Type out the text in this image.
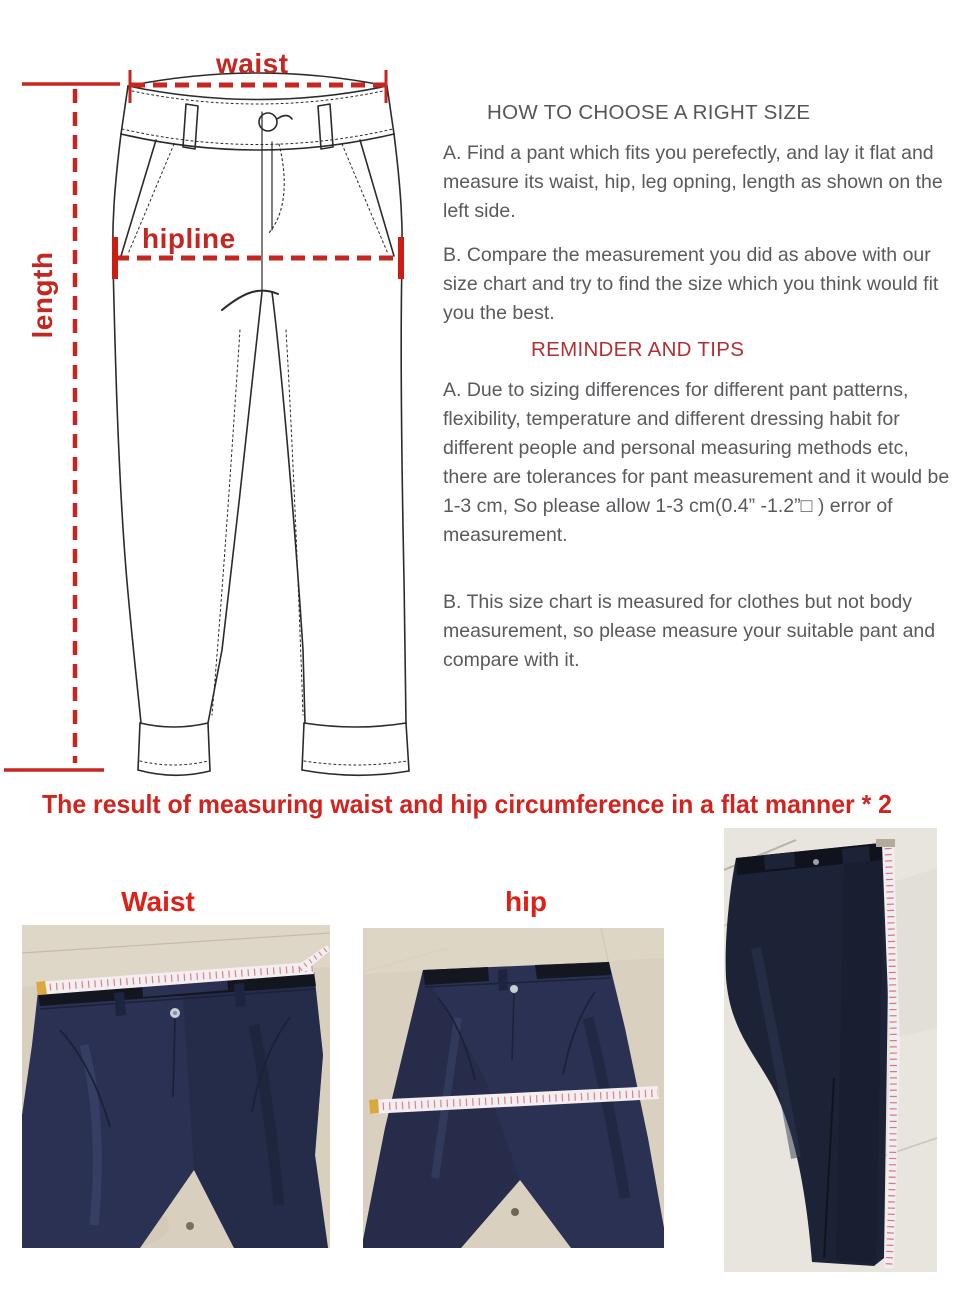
waist
hipline
length
HOW TO CHOOSE A RIGHT SIZE
A. Find a pant which fits you perefectly, and lay it flat and measure its waist, hip, leg opning, length as shown on the left side.
B. Compare the measurement you did as above with our size chart and try to find the size which you think would fit you the best.
REMINDER AND TIPS
A. Due to sizing differences for different pant patterns, flexibility, temperature and different dressing habit for different people and personal measuring methods etc, there are tolerances for pant measurement and it would be 1-3 cm, So please allow 1-3 cm(0.4” -1.2”□ ) error of measurement.
B. This size chart is measured for clothes but not body measurement, so please measure your suitable pant and compare with it.
The result of measuring waist and hip circumference in a flat manner * 2
Waist	hip
